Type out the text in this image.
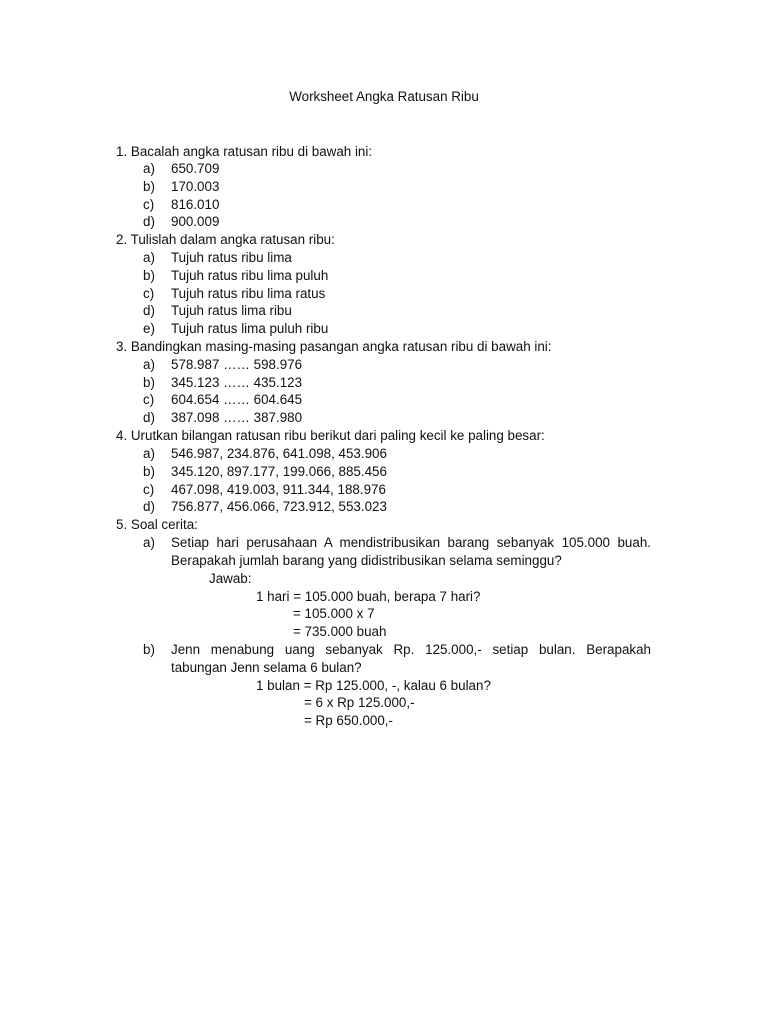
Worksheet Angka Ratusan Ribu
1. Bacalah angka ratusan ribu di bawah ini:
a) 650.709
b) 170.003
c) 816.010
d) 900.009
2. Tulislah dalam angka ratusan ribu:
a) Tujuh ratus ribu lima
b) Tujuh ratus ribu lima puluh
c) Tujuh ratus ribu lima ratus
d) Tujuh ratus lima ribu
e) Tujuh ratus lima puluh ribu
3. Bandingkan masing-masing pasangan angka ratusan ribu di bawah ini:
a) 578.987 …… 598.976
b) 345.123 …… 435.123
c) 604.654 …… 604.645
d) 387.098 …… 387.980
4. Urutkan bilangan ratusan ribu berikut dari paling kecil ke paling besar:
a) 546.987, 234.876, 641.098, 453.906
b) 345.120, 897.177, 199.066, 885.456
c) 467.098, 419.003, 911.344, 188.976
d) 756.877, 456.066, 723.912, 553.023
5. Soal cerita:
a) Setiap hari perusahaan A mendistribusikan barang sebanyak 105.000 buah.
Berapakah jumlah barang yang didistribusikan selama seminggu?
Jawab:
1 hari = 105.000 buah, berapa 7 hari?
= 105.000 x 7
= 735.000 buah
b) Jenn menabung uang sebanyak Rp. 125.000,- setiap bulan. Berapakah
tabungan Jenn selama 6 bulan?
1 bulan = Rp 125.000, -, kalau 6 bulan?
= 6 x Rp 125.000,-
= Rp 650.000,-
